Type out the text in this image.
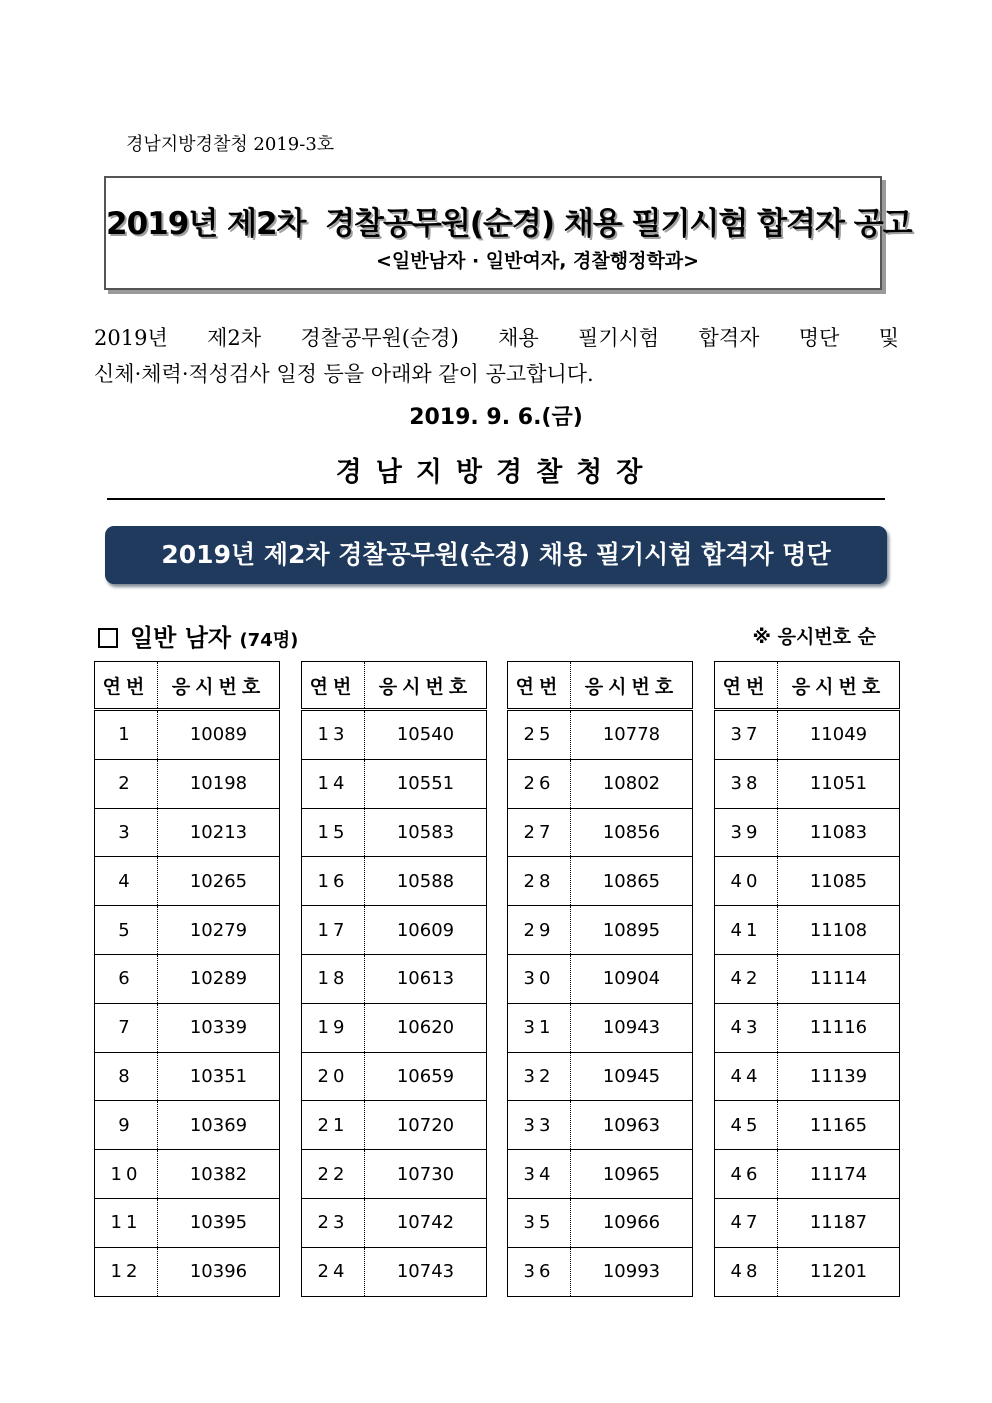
경남지방경찰청 2019-3호
2019년 제2차  경찰공무원(순경) 채용 필기시험 합격자 공고
<일반남자 · 일반여자, 경찰행정학과>

2019년 제2차 경찰공무원(순경) 채용 필기시험 합격자 명단 및

신체·체력·적성검사 일정 등을 아래와 같이 공고합니다.

2019. 9. 6.(금)
경남지방경찰청장
2019년 제2차 경찰공무원(순경) 채용 필기시험 합격자 명단
일반 남자 (74명)	※ 응시번호 순
연번	응시번호
1	10089
2	10198
3	10213
4	10265
5	10279
6	10289
7	10339
8	10351
9	10369
10	10382
11	10395
12	10396
연번	응시번호
13	10540
14	10551
15	10583
16	10588
17	10609
18	10613
19	10620
20	10659
21	10720
22	10730
23	10742
24	10743
연번	응시번호
25	10778
26	10802
27	10856
28	10865
29	10895
30	10904
31	10943
32	10945
33	10963
34	10965
35	10966
36	10993
연번	응시번호
37	11049
38	11051
39	11083
40	11085
41	11108
42	11114
43	11116
44	11139
45	11165
46	11174
47	11187
48	11201
